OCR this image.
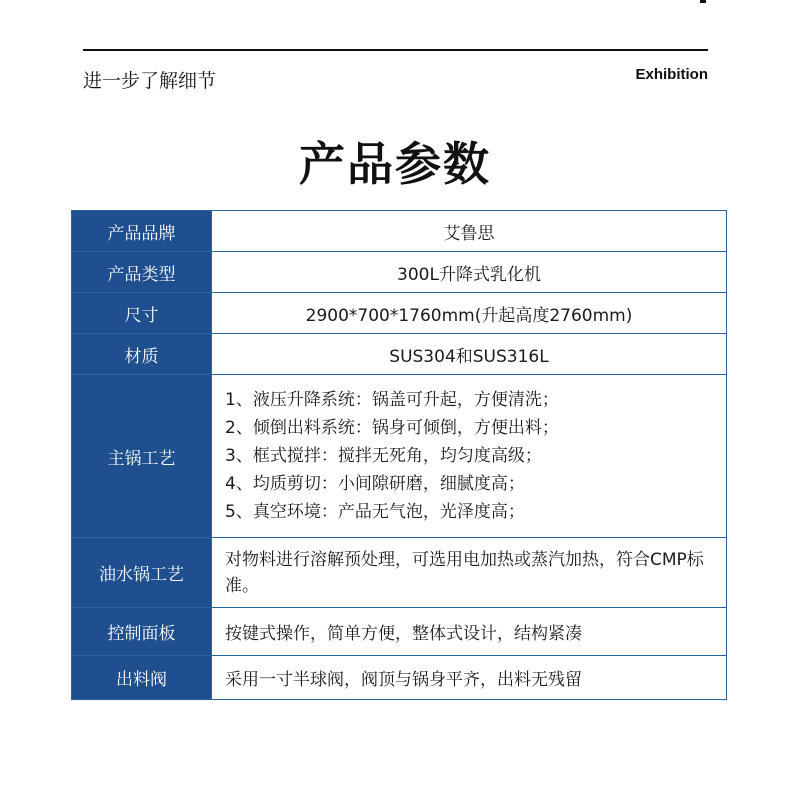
进一步了解细节	Exhibition
产品参数
产品品牌	艾鲁思
产品类型	300L升降式乳化机
尺寸	2900*700*1760mm(升起高度2760mm)
材质	SUS304和SUS316L
主锅工艺	1、液压升降系统：锅盖可升起，方便清洗；
2、倾倒出料系统：锅身可倾倒，方便出料；
3、框式搅拌：搅拌无死角，均匀度高级；
4、均质剪切：小间隙研磨，细腻度高；
5、真空环境：产品无气泡，光泽度高；

油水锅工艺	对物料进行溶解预处理，可选用电加热或蒸汽加热，符合CMP标准。
控制面板	按键式操作，简单方便，整体式设计，结构紧凑
出料阀	采用一寸半球阀，阀顶与锅身平齐，出料无残留
